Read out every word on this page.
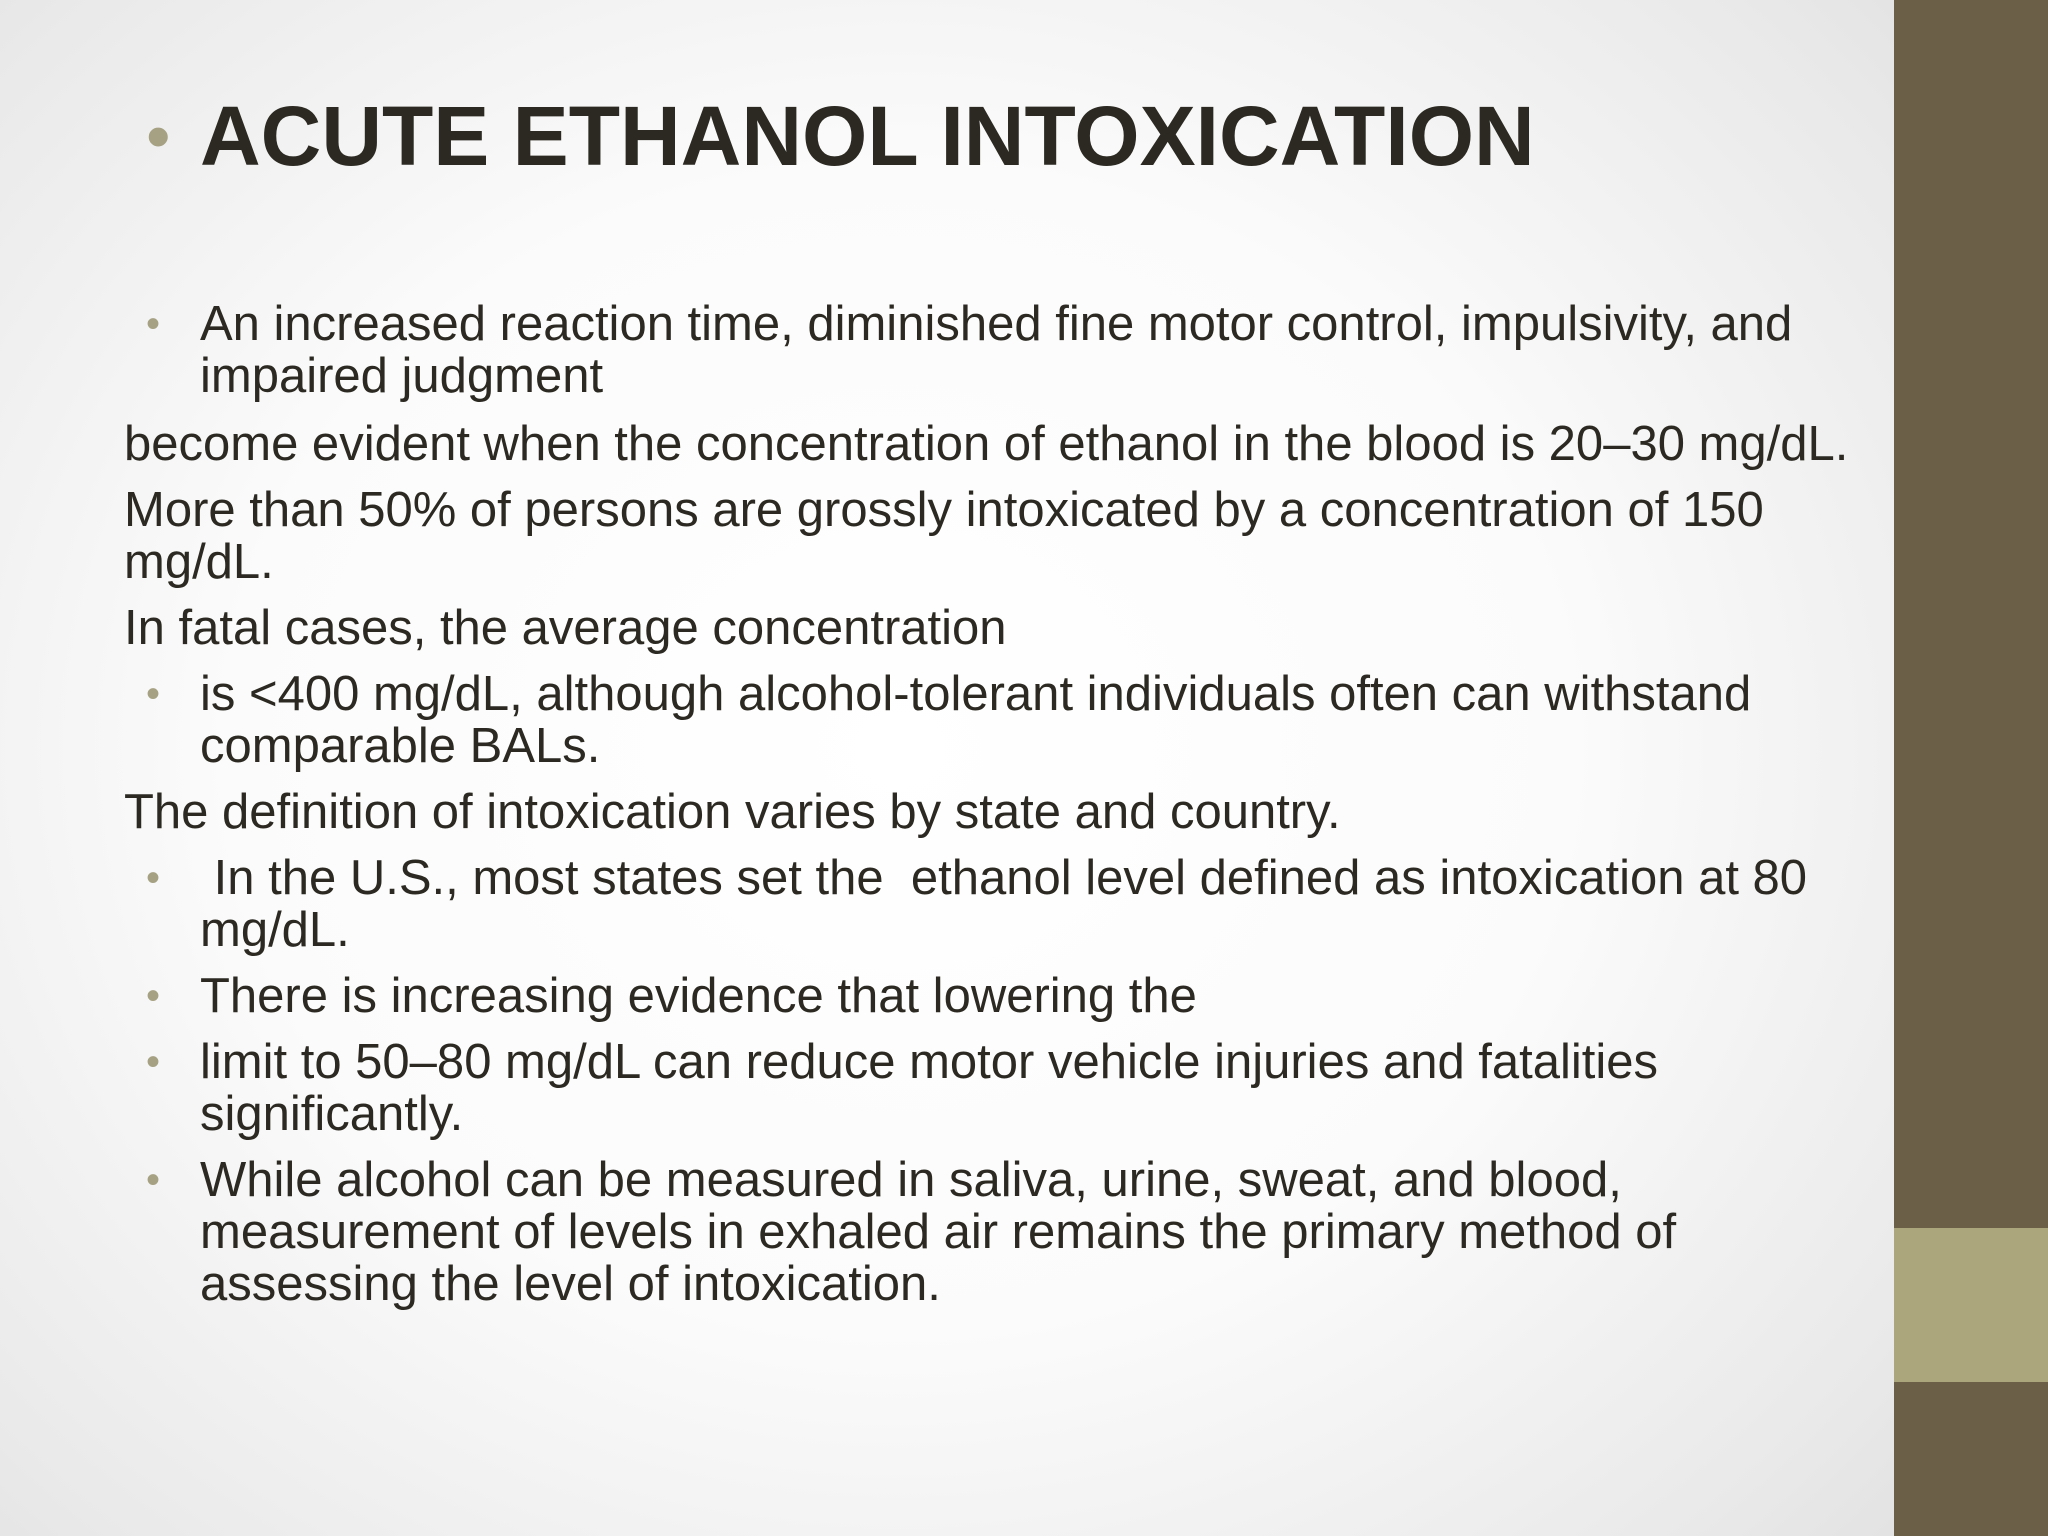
• ACUTE ETHANOL INTOXICATION
• An increased reaction time, diminished fine motor control, impulsivity, and impaired judgment
become evident when the concentration of ethanol in the blood is 20–30 mg/dL.
More than 50% of persons are grossly intoxicated by a concentration of 150 mg/dL.
In fatal cases, the average concentration
• is <400 mg/dL, although alcohol-tolerant individuals often can withstand comparable BALs.
The definition of intoxication varies by state and country.
•  In the U.S., most states set the  ethanol level defined as intoxication at 80 mg/dL.
• There is increasing evidence that lowering the
• limit to 50–80 mg/dL can reduce motor vehicle injuries and fatalities significantly.
• While alcohol can be measured in saliva, urine, sweat, and blood, measurement of levels in exhaled air remains the primary method of assessing the level of intoxication.
